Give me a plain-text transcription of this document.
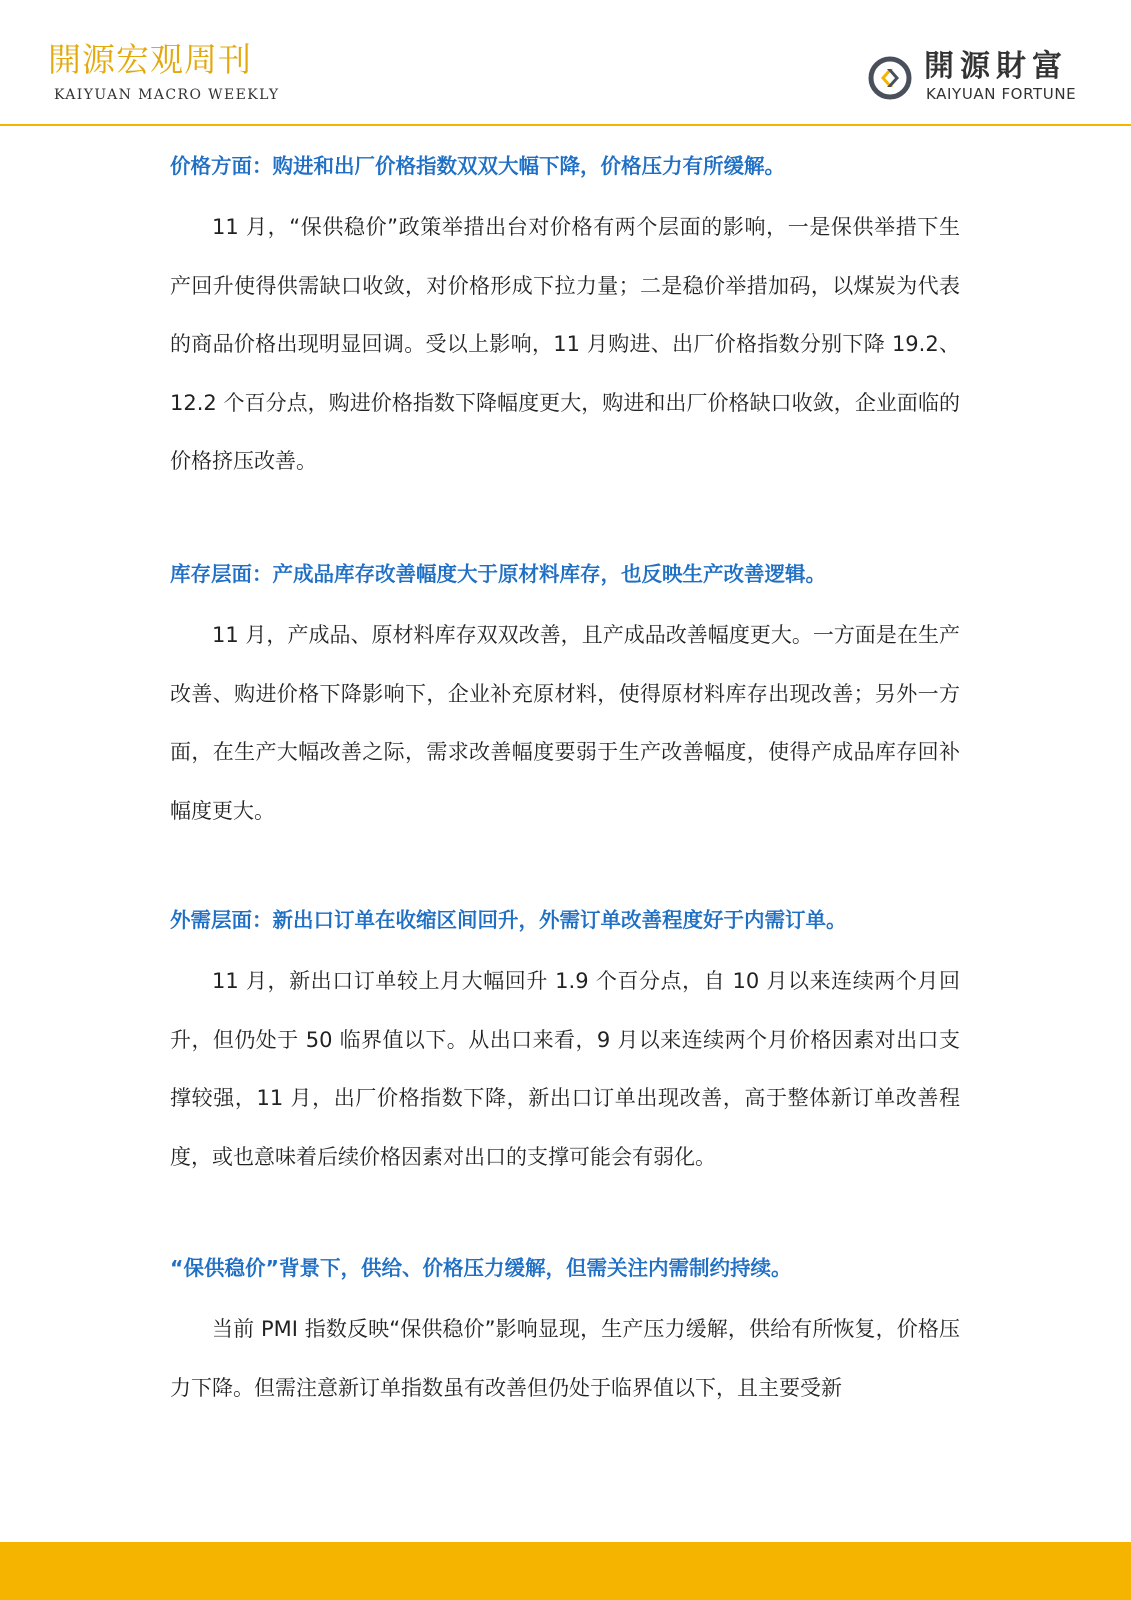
開源宏观周刊
KAIYUAN MACRO WEEKLY
開源財富
KAIYUAN FORTUNE
价格方面：购进和出厂价格指数双双大幅下降，价格压力有所缓解。

11 月，“保供稳价”政策举措出台对价格有两个层面的影响，一是保供举措下生产回升使得供需缺口收敛，对价格形成下拉力量；二是稳价举措加码，以煤炭为代表的商品价格出现明显回调。受以上影响，11 月购进、出厂价格指数分别下降 19.2、12.2 个百分点，购进价格指数下降幅度更大，购进和出厂价格缺口收敛，企业面临的价格挤压改善。

库存层面：产成品库存改善幅度大于原材料库存，也反映生产改善逻辑。

11 月，产成品、原材料库存双双改善，且产成品改善幅度更大。一方面是在生产改善、购进价格下降影响下，企业补充原材料，使得原材料库存出现改善；另外一方面，在生产大幅改善之际，需求改善幅度要弱于生产改善幅度，使得产成品库存回补幅度更大。

外需层面：新出口订单在收缩区间回升，外需订单改善程度好于内需订单。

11 月，新出口订单较上月大幅回升 1.9 个百分点，自 10 月以来连续两个月回升，但仍处于 50 临界值以下。从出口来看，9 月以来连续两个月价格因素对出口支撑较强，11 月，出厂价格指数下降，新出口订单出现改善，高于整体新订单改善程度，或也意味着后续价格因素对出口的支撑可能会有弱化。

“保供稳价”背景下，供给、价格压力缓解，但需关注内需制约持续。

当前 PMI 指数反映“保供稳价”影响显现，生产压力缓解，供给有所恢复，价格压力下降。但需注意新订单指数虽有改善但仍处于临界值以下，且主要受新
